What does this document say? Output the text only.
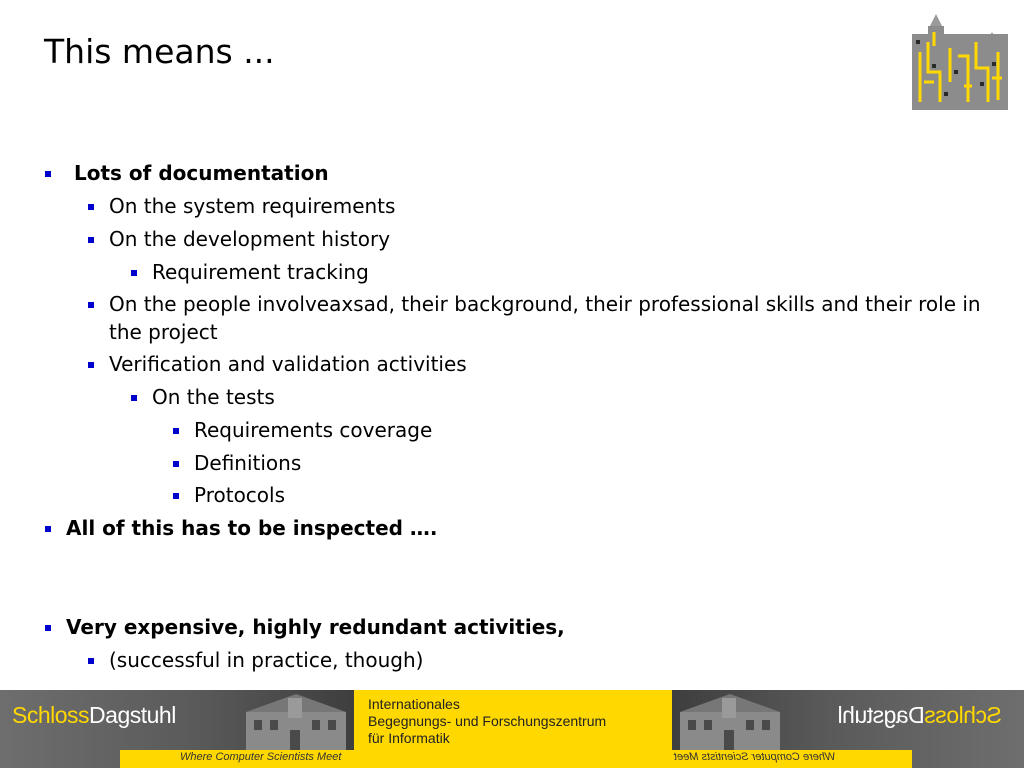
This means ...
Lots of documentation
On the system requirements
On the development history
Requirement tracking
On the people involveaxsad, their background, their professional skills and their role in the project
Verification and validation activities
On the tests
Requirements coverage
Definitions
Protocols
All of this has to be inspected ….
Very expensive, highly redundant activities,
(successful in practice, though)
SchlossDagstuhl	SchlossDagstuhl
Where Computer Scientists Meet	Where Computer Scientists Meet
Internationales
Begegnungs- und Forschungszentrum
für Informatik
